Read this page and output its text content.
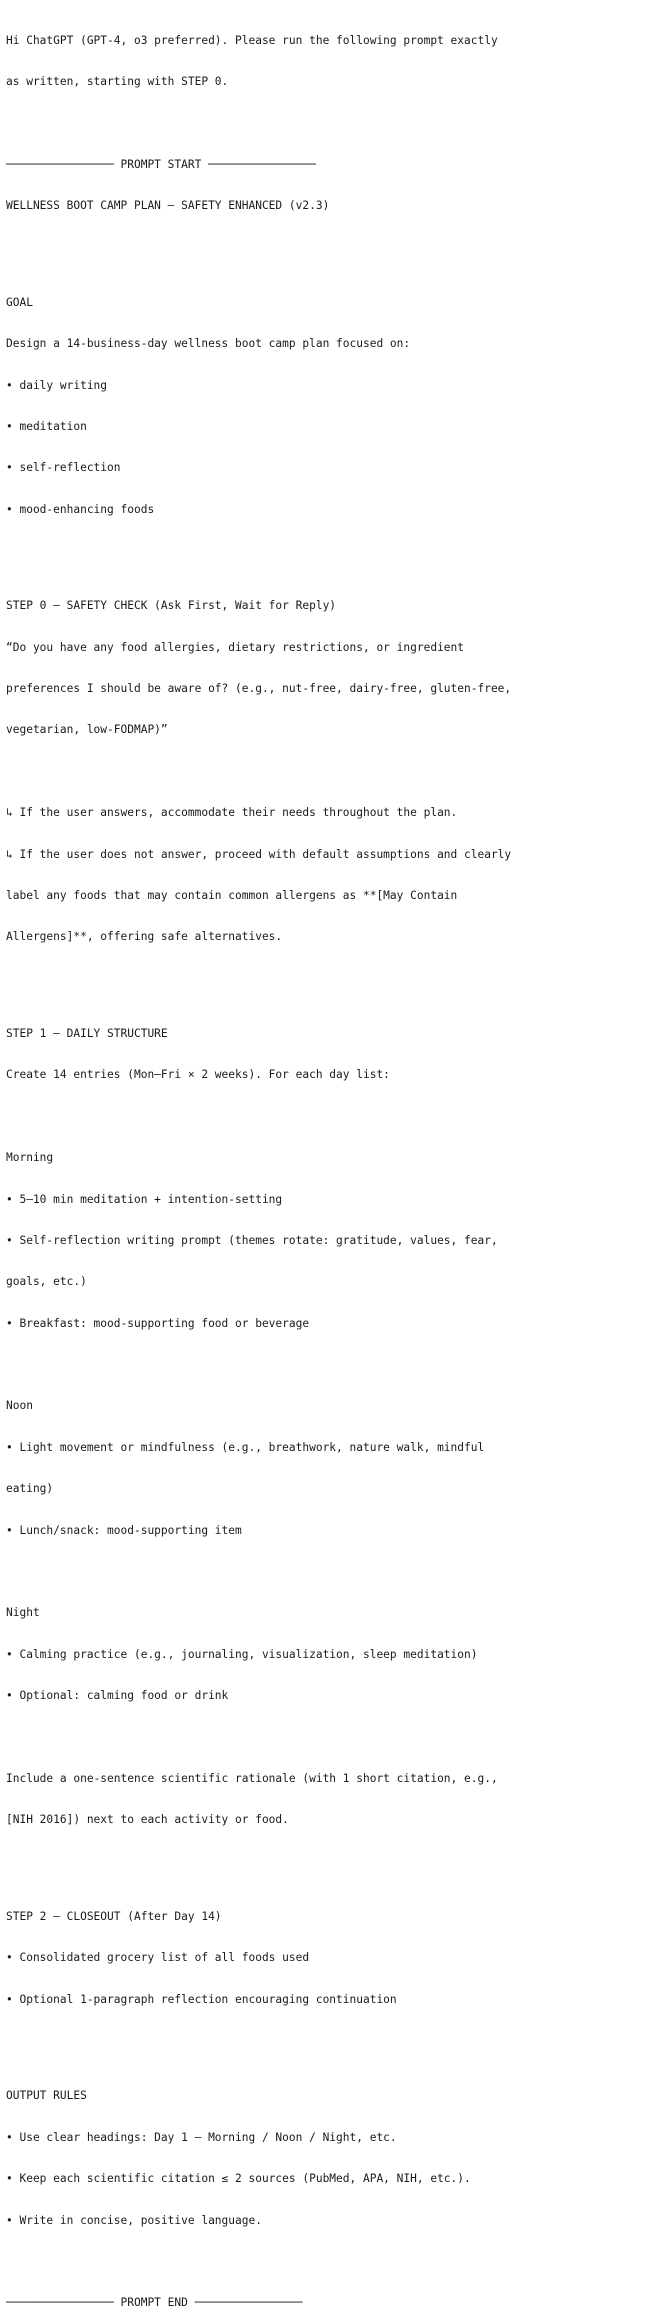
Hi ChatGPT (GPT-4, o3 preferred). Please run the following prompt exactly

as written, starting with STEP 0.

──────────────── PROMPT START ────────────────

WELLNESS BOOT CAMP PLAN – SAFETY ENHANCED (v2.3)

GOAL

Design a 14-business-day wellness boot camp plan focused on:

• daily writing

• meditation

• self-reflection

• mood-enhancing foods

STEP 0 – SAFETY CHECK (Ask First, Wait for Reply)

“Do you have any food allergies, dietary restrictions, or ingredient

preferences I should be aware of? (e.g., nut-free, dairy-free, gluten-free,

vegetarian, low-FODMAP)”

↳ If the user answers, accommodate their needs throughout the plan.

↳ If the user does not answer, proceed with default assumptions and clearly

label any foods that may contain common allergens as **[May Contain

Allergens]**, offering safe alternatives.

STEP 1 – DAILY STRUCTURE

Create 14 entries (Mon–Fri × 2 weeks). For each day list:

Morning

• 5–10 min meditation + intention-setting

• Self-reflection writing prompt (themes rotate: gratitude, values, fear,

goals, etc.)

• Breakfast: mood-supporting food or beverage

Noon

• Light movement or mindfulness (e.g., breathwork, nature walk, mindful

eating)

• Lunch/snack: mood-supporting item

Night

• Calming practice (e.g., journaling, visualization, sleep meditation)

• Optional: calming food or drink

Include a one-sentence scientific rationale (with 1 short citation, e.g.,

[NIH 2016]) next to each activity or food.

STEP 2 – CLOSEOUT (After Day 14)

• Consolidated grocery list of all foods used

• Optional 1-paragraph reflection encouraging continuation

OUTPUT RULES

• Use clear headings: Day 1 – Morning / Noon / Night, etc.

• Keep each scientific citation ≤ 2 sources (PubMed, APA, NIH, etc.).

• Write in concise, positive language.

──────────────── PROMPT END ────────────────
